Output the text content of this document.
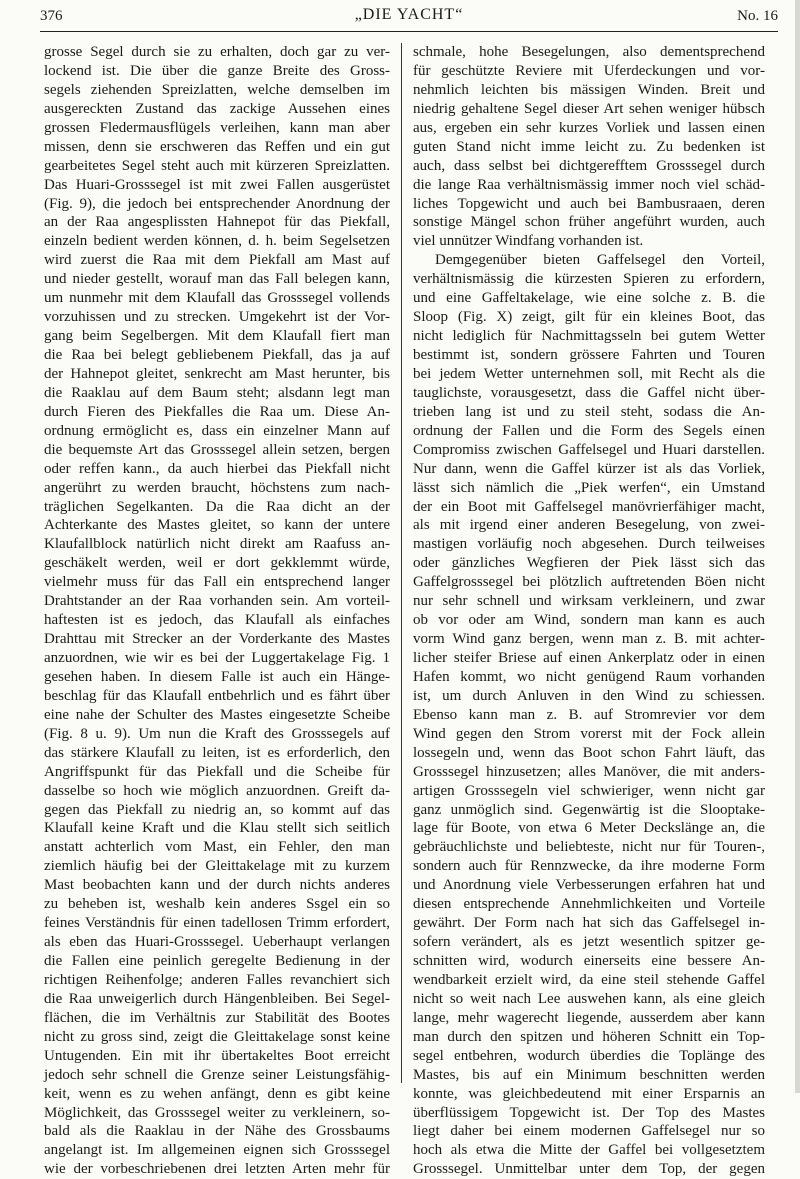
376	„DIE YACHT“	No. 16
grosse Segel durch sie zu erhalten, doch gar zu ver-
lockend ist. Die über die ganze Breite des Gross-
segels ziehenden Spreizlatten, welche demselben im
ausgereckten Zustand das zackige Aussehen eines
grossen Fledermausflügels verleihen, kann man aber
missen, denn sie erschweren das Reffen und ein gut
gearbeitetes Segel steht auch mit kürzeren Spreizlatten.
Das Huari-Grosssegel ist mit zwei Fallen ausgerüstet
(Fig. 9), die jedoch bei entsprechender Anordnung der
an der Raa angesplissten Hahnepot für das Piekfall,
einzeln bedient werden können, d. h. beim Segelsetzen
wird zuerst die Raa mit dem Piekfall am Mast auf
und nieder gestellt, worauf man das Fall belegen kann,
um nunmehr mit dem Klaufall das Grosssegel vollends
vorzuhissen und zu strecken. Umgekehrt ist der Vor-
gang beim Segelbergen. Mit dem Klaufall fiert man
die Raa bei belegt gebliebenem Piekfall, das ja auf
der Hahnepot gleitet, senkrecht am Mast herunter, bis
die Raaklau auf dem Baum steht; alsdann legt man
durch Fieren des Piekfalles die Raa um. Diese An-
ordnung ermöglicht es, dass ein einzelner Mann auf
die bequemste Art das Grosssegel allein setzen, bergen
oder reffen kann., da auch hierbei das Piekfall nicht
angerührt zu werden braucht, höchstens zum nach-
träglichen Segelkanten. Da die Raa dicht an der
Achterkante des Mastes gleitet, so kann der untere
Klaufallblock natürlich nicht direkt am Raafuss an-
geschäkelt werden, weil er dort gekklemmt würde,
vielmehr muss für das Fall ein entsprechend langer
Drahtstander an der Raa vorhanden sein. Am vorteil-
haftesten ist es jedoch, das Klaufall als einfaches
Drahttau mit Strecker an der Vorderkante des Mastes
anzuordnen, wie wir es bei der Luggertakelage Fig. 1
gesehen haben. In diesem Falle ist auch ein Hänge-
beschlag für das Klaufall entbehrlich und es fährt über
eine nahe der Schulter des Mastes eingesetzte Scheibe
(Fig. 8 u. 9). Um nun die Kraft des Grosssegels auf
das stärkere Klaufall zu leiten, ist es erforderlich, den
Angriffspunkt für das Piekfall und die Scheibe für
dasselbe so hoch wie möglich anzuordnen. Greift da-
gegen das Piekfall zu niedrig an, so kommt auf das
Klaufall keine Kraft und die Klau stellt sich seitlich
anstatt achterlich vom Mast, ein Fehler, den man
ziemlich häufig bei der Gleittakelage mit zu kurzem
Mast beobachten kann und der durch nichts anderes
zu beheben ist, weshalb kein anderes Ssgel ein so
feines Verständnis für einen tadellosen Trimm erfordert,
als eben das Huari-Grosssegel. Ueberhaupt verlangen
die Fallen eine peinlich geregelte Bedienung in der
richtigen Reihenfolge; anderen Falles revanchiert sich
die Raa unweigerlich durch Hängenbleiben. Bei Segel-
flächen, die im Verhältnis zur Stabilität des Bootes
nicht zu gross sind, zeigt die Gleittakelage sonst keine
Untugenden. Ein mit ihr übertakeltes Boot erreicht
jedoch sehr schnell die Grenze seiner Leistungsfähig-
keit, wenn es zu wehen anfängt, denn es gibt keine
Möglichkeit, das Grosssegel weiter zu verkleinern, so-
bald als die Raaklau in der Nähe des Grossbaums
angelangt ist. Im allgemeinen eignen sich Grosssegel
wie der vorbeschriebenen drei letzten Arten mehr für
schmale, hohe Besegelungen, also dementsprechend
für geschützte Reviere mit Uferdeckungen und vor-
nehmlich leichten bis mässigen Winden. Breit und
niedrig gehaltene Segel dieser Art sehen weniger hübsch
aus, ergeben ein sehr kurzes Vorliek und lassen einen
guten Stand nicht imme leicht zu. Zu bedenken ist
auch, dass selbst bei dichtgerefftem Grosssegel durch
die lange Raa verhältnismässig immer noch viel schäd-
liches Topgewicht und auch bei Bambusraaen, deren
sonstige Mängel schon früher angeführt wurden, auch
viel unnützer Windfang vorhanden ist.
Demgegenüber bieten Gaffelsegel den Vorteil,
verhältnismässig die kürzesten Spieren zu erfordern,
und eine Gaffeltakelage, wie eine solche z. B. die
Sloop (Fig. X) zeigt, gilt für ein kleines Boot, das
nicht lediglich für Nachmittagsseln bei gutem Wetter
bestimmt ist, sondern grössere Fahrten und Touren
bei jedem Wetter unternehmen soll, mit Recht als die
tauglichste, vorausgesetzt, dass die Gaffel nicht über-
trieben lang ist und zu steil steht, sodass die An-
ordnung der Fallen und die Form des Segels einen
Compromiss zwischen Gaffelsegel und Huari darstellen.
Nur dann, wenn die Gaffel kürzer ist als das Vorliek,
lässt sich nämlich die „Piek werfen“, ein Umstand
der ein Boot mit Gaffelsegel manövrierfähiger macht,
als mit irgend einer anderen Besegelung, von zwei-
mastigen vorläufig noch abgesehen. Durch teilweises
oder gänzliches Wegfieren der Piek lässt sich das
Gaffelgrosssegel bei plötzlich auftretenden Böen nicht
nur sehr schnell und wirksam verkleinern, und zwar
ob vor oder am Wind, sondern man kann es auch
vorm Wind ganz bergen, wenn man z. B. mit achter-
licher steifer Briese auf einen Ankerplatz oder in einen
Hafen kommt, wo nicht genügend Raum vorhanden
ist, um durch Anluven in den Wind zu schiessen.
Ebenso kann man z. B. auf Stromrevier vor dem
Wind gegen den Strom vorerst mit der Fock allein
lossegeln und, wenn das Boot schon Fahrt läuft, das
Grosssegel hinzusetzen; alles Manöver, die mit anders-
artigen Grosssegeln viel schwieriger, wenn nicht gar
ganz unmöglich sind. Gegenwärtig ist die Slooptake-
lage für Boote, von etwa 6 Meter Deckslänge an, die
gebräuchlichste und beliebteste, nicht nur für Touren-,
sondern auch für Rennzwecke, da ihre moderne Form
und Anordnung viele Verbesserungen erfahren hat und
diesen entsprechende Annehmlichkeiten und Vorteile
gewährt. Der Form nach hat sich das Gaffelsegel in-
sofern verändert, als es jetzt wesentlich spitzer ge-
schnitten wird, wodurch einerseits eine bessere An-
wendbarkeit erzielt wird, da eine steil stehende Gaffel
nicht so weit nach Lee auswehen kann, als eine gleich
lange, mehr wagerecht liegende, ausserdem aber kann
man durch den spitzen und höheren Schnitt ein Top-
segel entbehren, wodurch überdies die Toplänge des
Mastes, bis auf ein Minimum beschnitten werden
konnte, was gleichbedeutend mit einer Ersparnis an
überflüssigem Topgewicht ist. Der Top des Mastes
liegt daher bei einem modernen Gaffelsegel nur so
hoch als etwa die Mitte der Gaffel bei vollgesetztem
Grosssegel. Unmittelbar unter dem Top, der gegen
